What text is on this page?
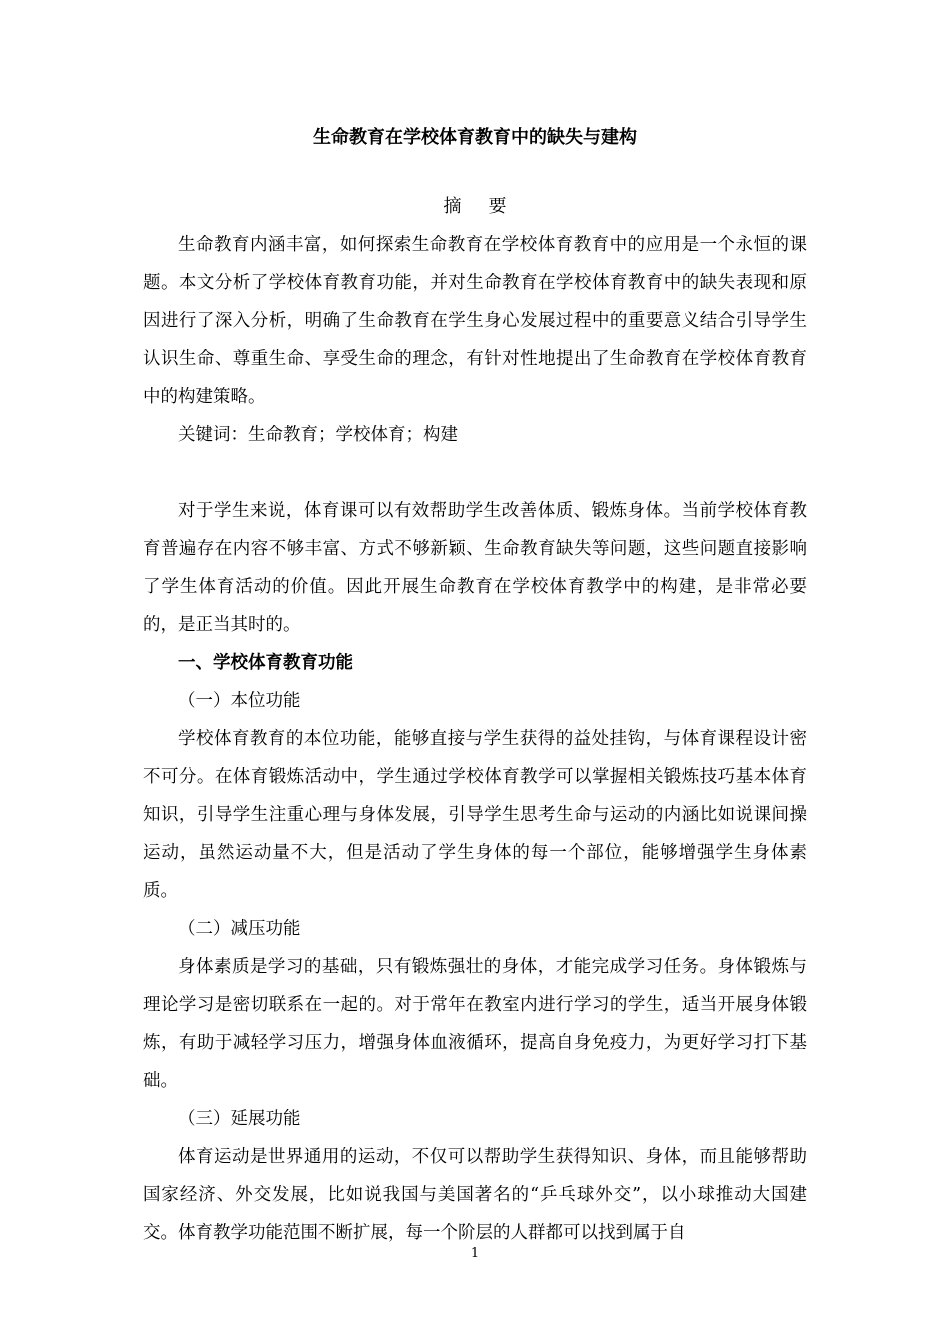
生命教育在学校体育教育中的缺失与建构
摘要

生命教育内涵丰富，如何探索生命教育在学校体育教育中的应用是一个永恒的课题。本文分析了学校体育教育功能，并对生命教育在学校体育教育中的缺失表现和原因进行了深入分析，明确了生命教育在学生身心发展过程中的重要意义结合引导学生认识生命、尊重生命、享受生命的理念，有针对性地提出了生命教育在学校体育教育中的构建策略。

关键词：生命教育；学校体育；构建

对于学生来说，体育课可以有效帮助学生改善体质、锻炼身体。当前学校体育教育普遍存在内容不够丰富、方式不够新颖、生命教育缺失等问题，这些问题直接影响了学生体育活动的价值。因此开展生命教育在学校体育教学中的构建，是非常必要的，是正当其时的。

一、学校体育教育功能

（一）本位功能

学校体育教育的本位功能，能够直接与学生获得的益处挂钩，与体育课程设计密不可分。在体育锻炼活动中，学生通过学校体育教学可以掌握相关锻炼技巧基本体育知识，引导学生注重心理与身体发展，引导学生思考生命与运动的内涵比如说课间操运动，虽然运动量不大，但是活动了学生身体的每一个部位，能够增强学生身体素质。

（二）减压功能

身体素质是学习的基础，只有锻炼强壮的身体，才能完成学习任务。身体锻炼与理论学习是密切联系在一起的。对于常年在教室内进行学习的学生，适当开展身体锻炼，有助于减轻学习压力，增强身体血液循环，提高自身免疫力，为更好学习打下基础。

（三）延展功能

体育运动是世界通用的运动，不仅可以帮助学生获得知识、身体，而且能够帮助国家经济、外交发展，比如说我国与美国著名的“乒乓球外交”，以小球推动大国建交。体育教学功能范围不断扩展，每一个阶层的人群都可以找到属于自

1
